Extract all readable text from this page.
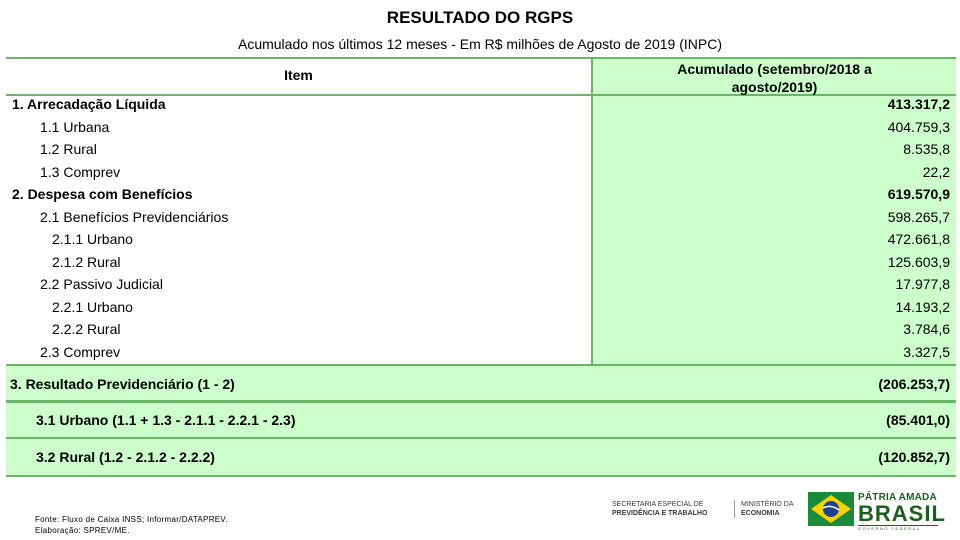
RESULTADO DO RGPS
Acumulado nos últimos 12 meses - Em R$ milhões de Agosto de 2019 (INPC)
Item	Acumulado (setembro/2018 a
agosto/2019)
1. Arrecadação Líquida	413.317,2
1.1 Urbana	404.759,3
1.2 Rural	8.535,8
1.3 Comprev	22,2
2. Despesa com Benefícios	619.570,9
2.1 Benefícios Previdenciários	598.265,7
2.1.1 Urbano	472.661,8
2.1.2 Rural	125.603,9
2.2 Passivo Judicial	17.977,8
2.2.1 Urbano	14.193,2
2.2.2 Rural	3.784,6
2.3 Comprev	3.327,5
3. Resultado Previdenciário (1 - 2)	(206.253,7)
3.1 Urbano (1.1 + 1.3 - 2.1.1 - 2.2.1 - 2.3)	(85.401,0)
3.2 Rural (1.2 - 2.1.2 - 2.2.2)	(120.852,7)
Fonte: Fluxo de Caixa INSS; Informar/DATAPREV.
Elaboração: SPREV/ME.
SECRETARIA ESPECIAL DE
PREVIDÊNCIA E TRABALHO
MINISTÉRIO DA
ECONOMIA
PÁTRIA AMADA
BRASIL
GOVERNO FEDERAL
